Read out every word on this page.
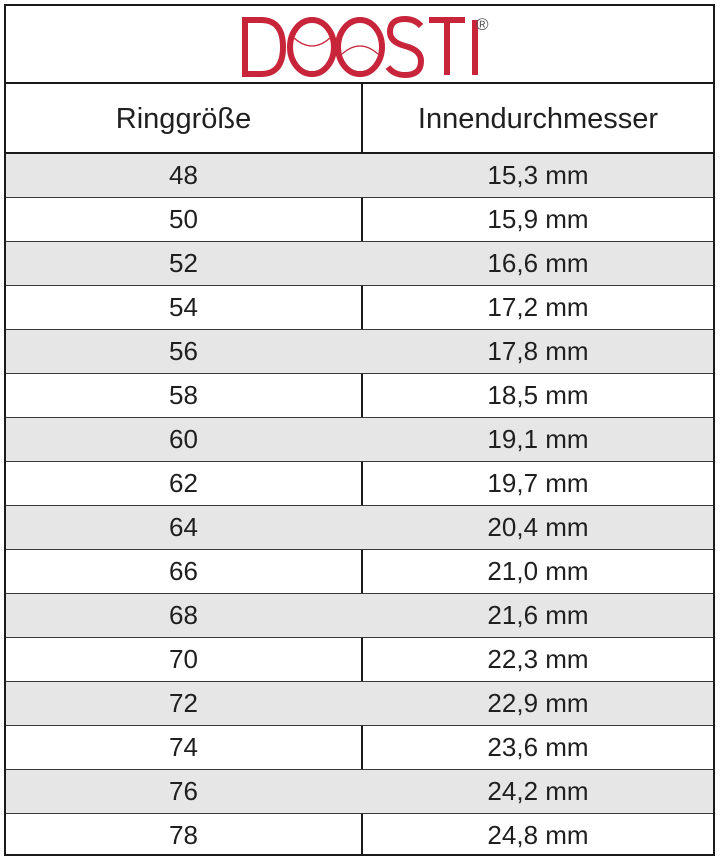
®
Ringgröße	Innendurchmesser
48	15,3 mm
50	15,9 mm
52	16,6 mm
54	17,2 mm
56	17,8 mm
58	18,5 mm
60	19,1 mm
62	19,7 mm
64	20,4 mm
66	21,0 mm
68	21,6 mm
70	22,3 mm
72	22,9 mm
74	23,6 mm
76	24,2 mm
78	24,8 mm
